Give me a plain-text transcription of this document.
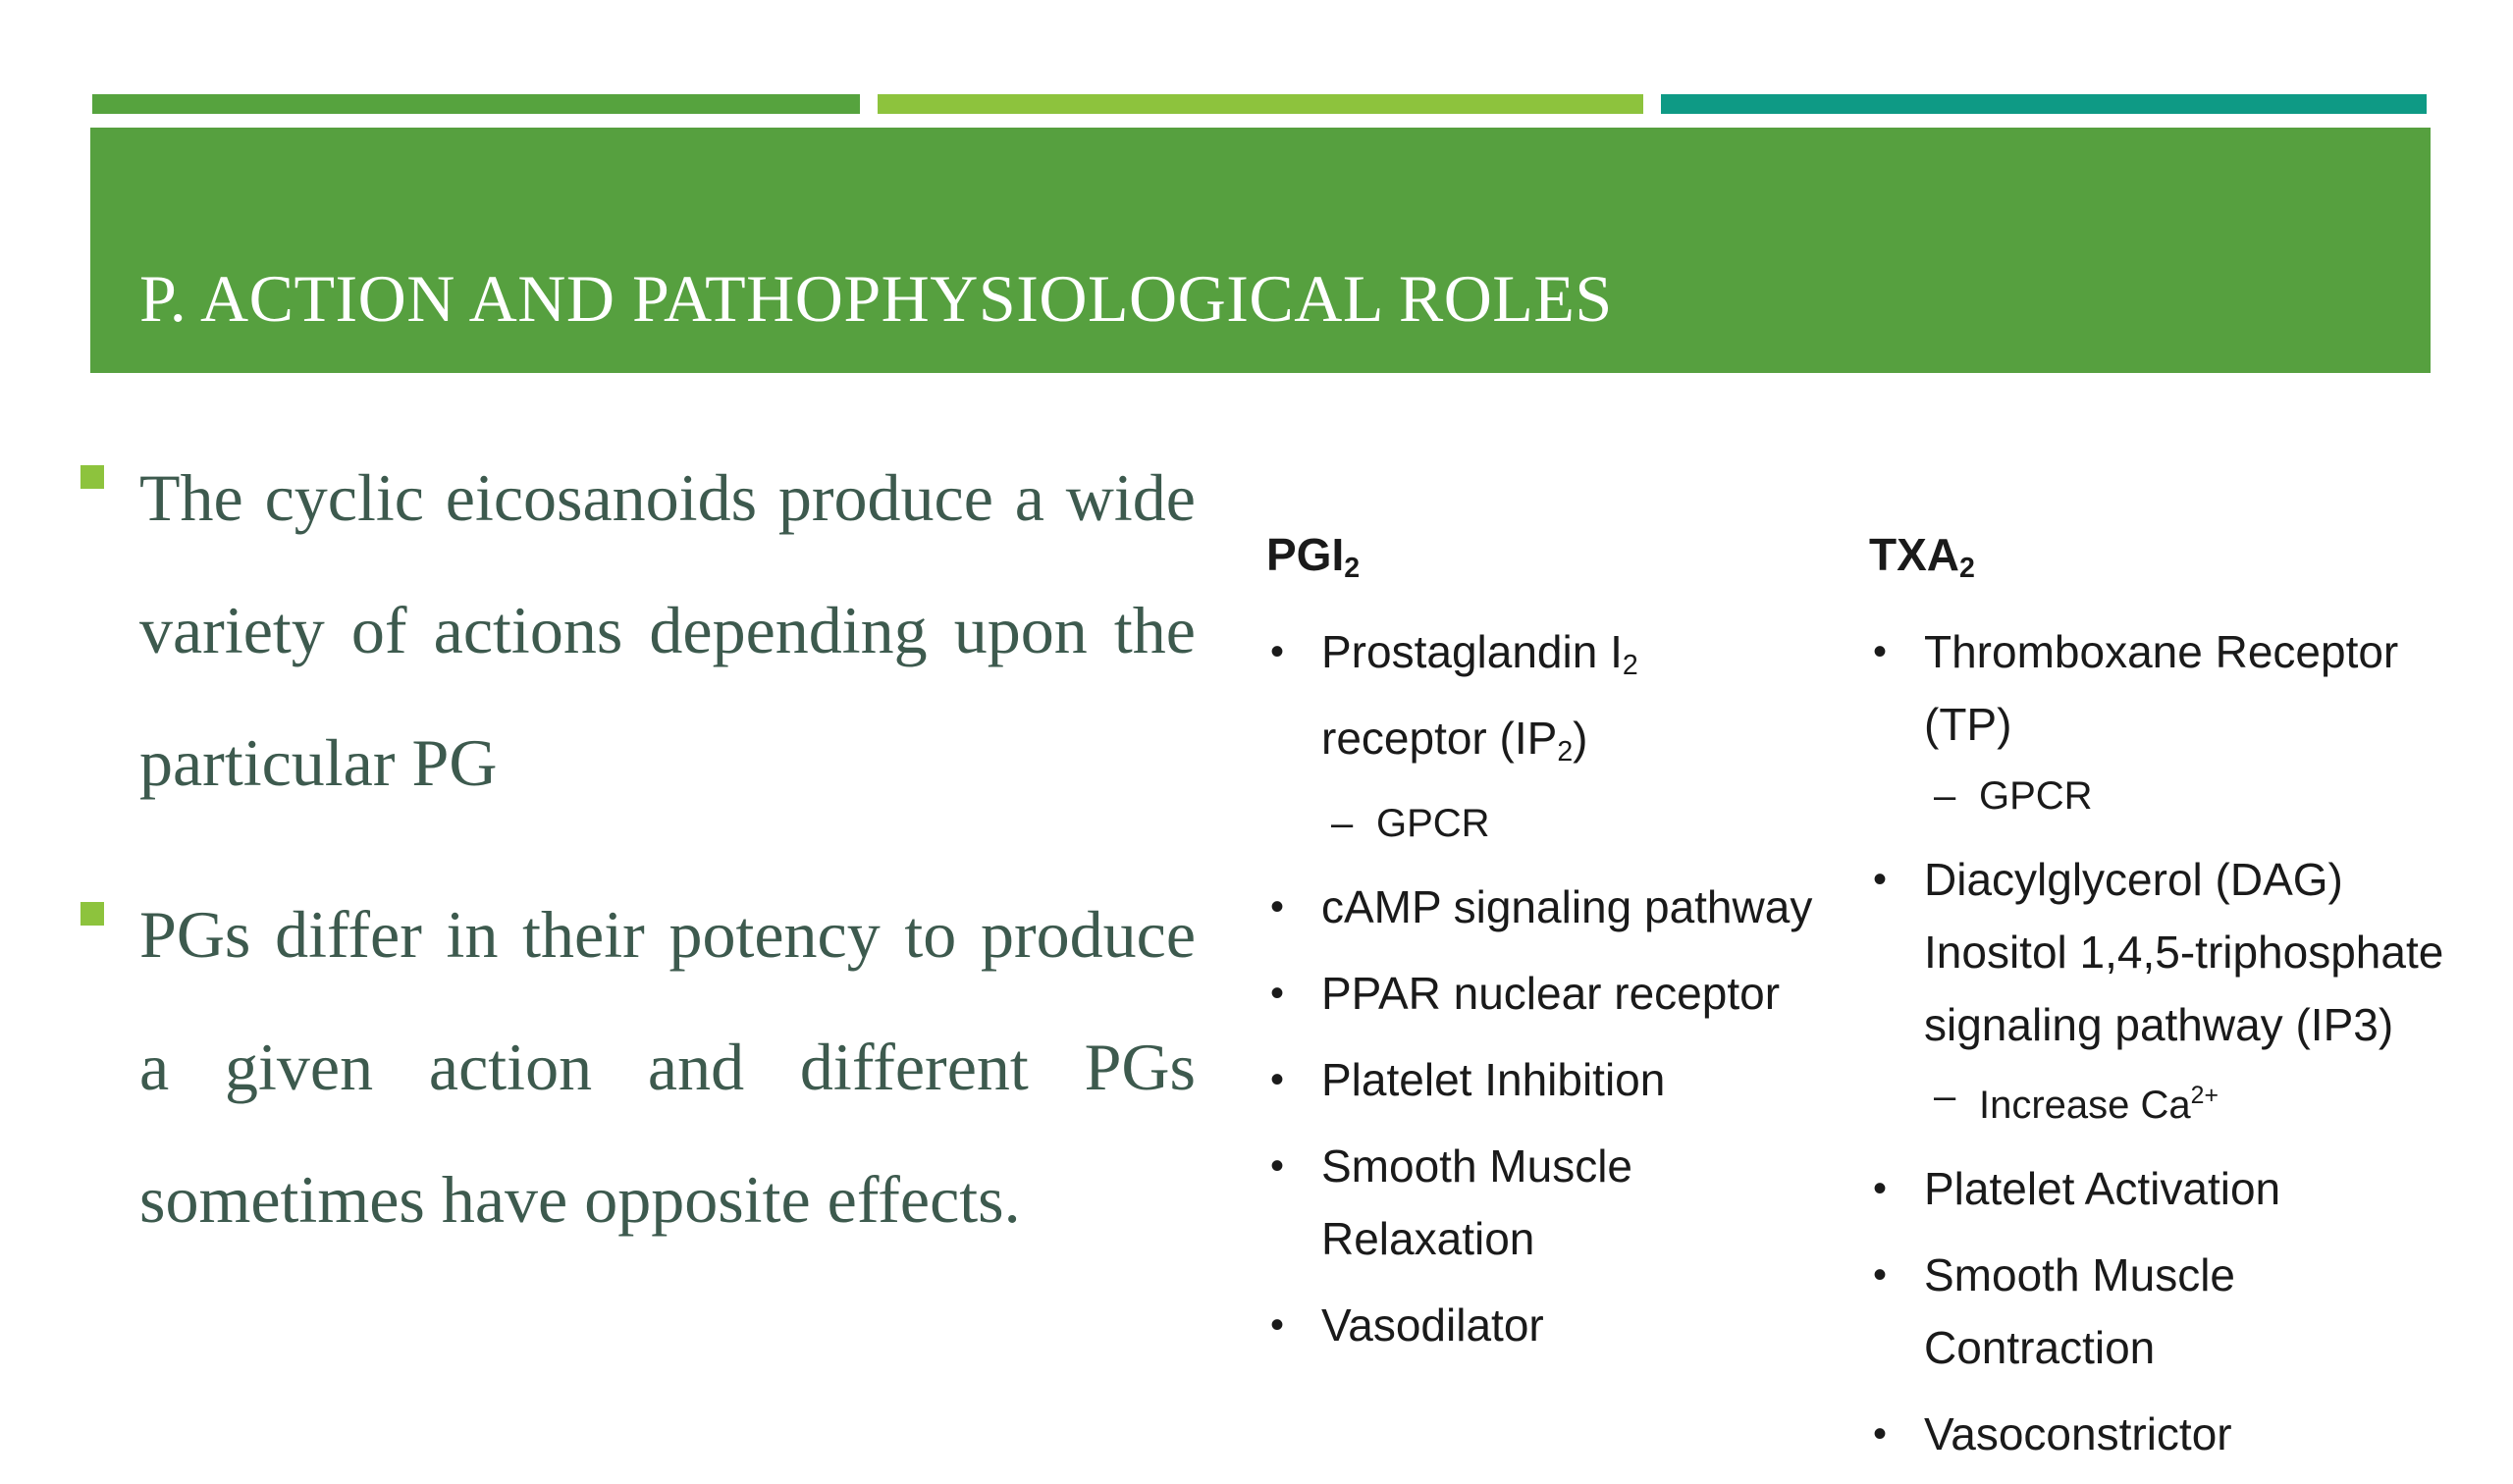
P. ACTION AND PATHOPHYSIOLOGICAL ROLES

The cyclic eicosanoids produce a wide variety of actions depending upon the particular PG

PGs differ in their potency to produce a given action and different PGs sometimes have opposite effects.

$PGI_2$
• Prostaglandin $I_2$ receptor $(IP_2)$
– GPCR
• cAMP signaling pathway
• PPAR nuclear receptor
• Platelet Inhibition
• Smooth Muscle Relaxation
• Vasodilator
$TXA_2$
• Thromboxane Receptor (TP)
– GPCR
• Diacylglycerol (DAG) Inositol 1,4,5-triphosphate signaling pathway (IP3)
– Increase $Ca^{2+}$
• Platelet Activation
• Smooth Muscle Contraction
• Vasoconstrictor
